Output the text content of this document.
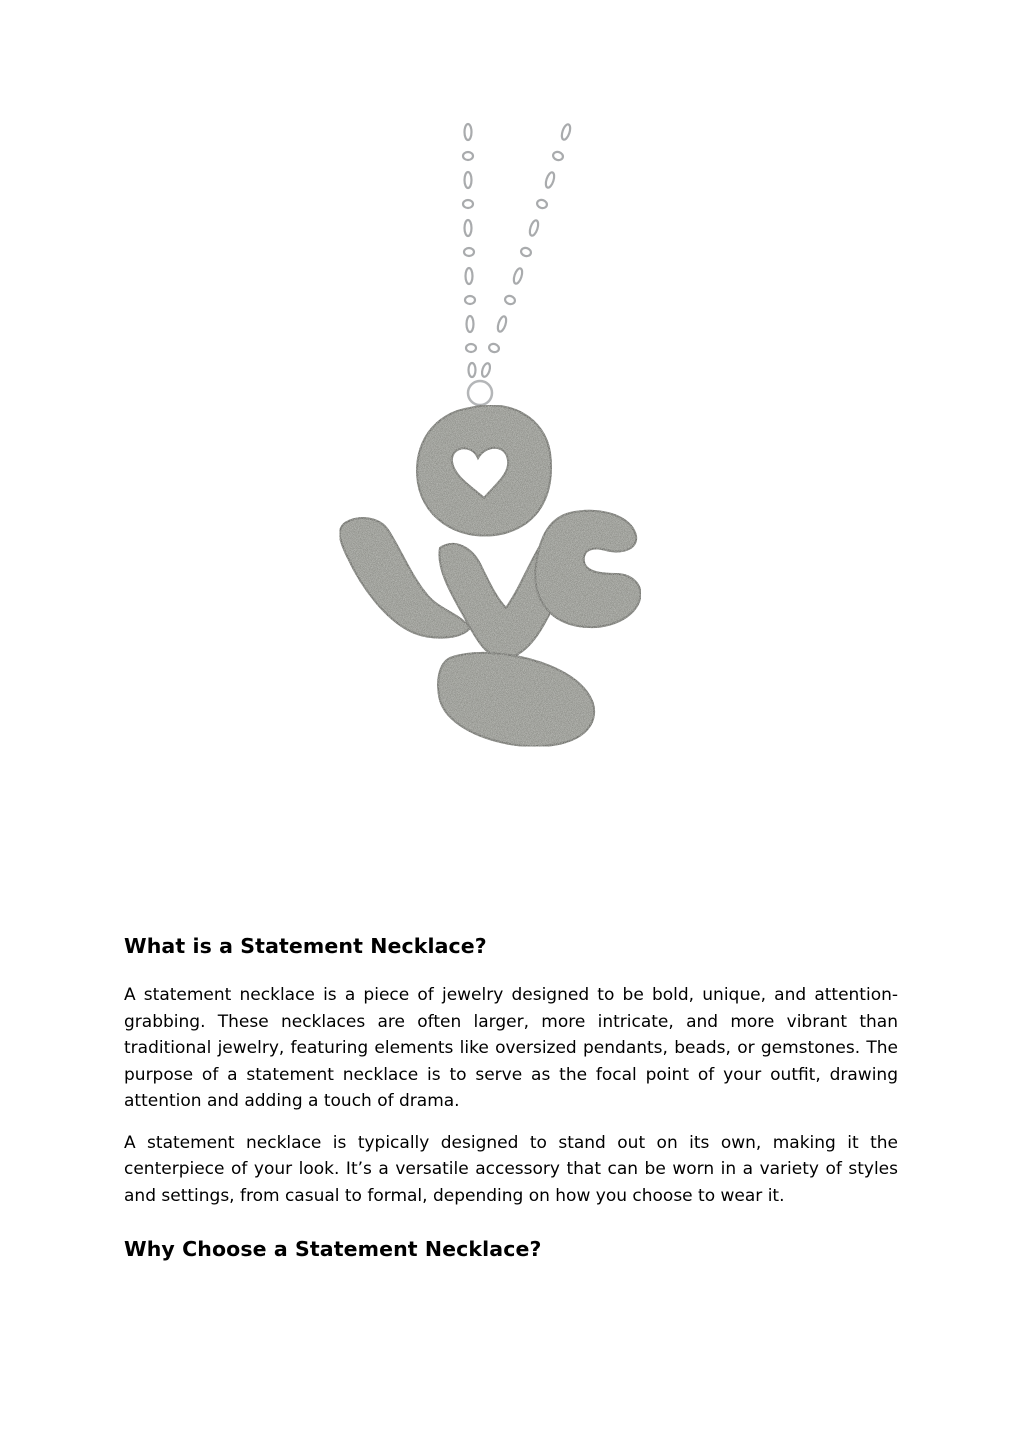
What is a Statement Necklace?

A statement necklace is a piece of jewelry designed to be bold, unique, and attention-grabbing. These necklaces are often larger, more intricate, and more vibrant than traditional jewelry, featuring elements like oversized pendants, beads, or gemstones. The purpose of a statement necklace is to serve as the focal point of your outfit, drawing attention and adding a touch of drama.

A statement necklace is typically designed to stand out on its own, making it the centerpiece of your look. It’s a versatile accessory that can be worn in a variety of styles and settings, from casual to formal, depending on how you choose to wear it.

Why Choose a Statement Necklace?
